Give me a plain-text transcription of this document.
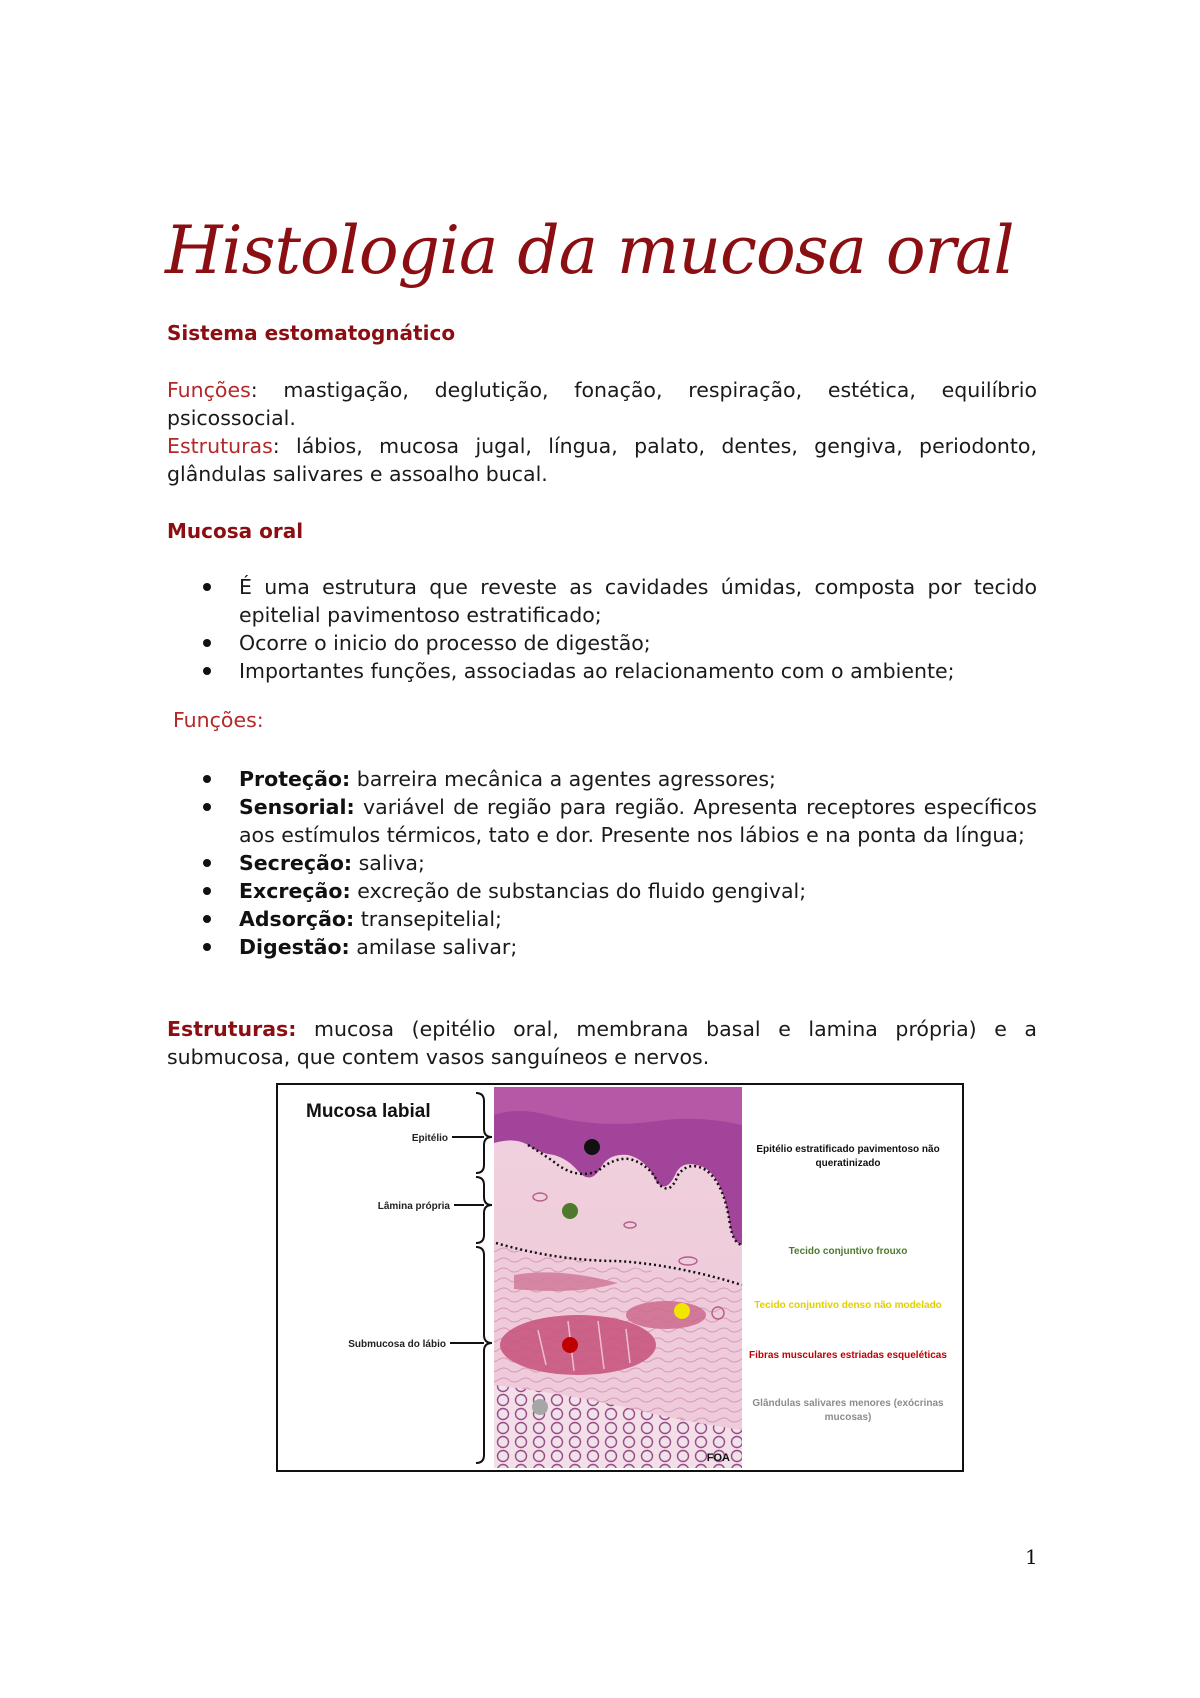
Histologia da mucosa oral
Sistema estomatognático

Funções: mastigação, deglutição, fonação, respiração, estética, equilíbrio psicossocial.

Estruturas: lábios, mucosa jugal, língua, palato, dentes, gengiva, periodonto, glândulas salivares e assoalho bucal.

Mucosa oral
É uma estrutura que reveste as cavidades úmidas, composta por tecido epitelial pavimentoso estratificado;
Ocorre o inicio do processo de digestão;
Importantes funções, associadas ao relacionamento com o ambiente;
Funções:
Proteção: barreira mecânica a agentes agressores;
Sensorial: variável de região para região. Apresenta receptores específicos aos estímulos térmicos, tato e dor. Presente nos lábios e na ponta da língua;
Secreção: saliva;
Excreção: excreção de substancias do fluido gengival;
Adsorção: transepitelial;
Digestão: amilase salivar;

Estruturas: mucosa (epitélio oral, membrana basal e lamina própria) e a submucosa, que contem vasos sanguíneos e nervos.

Mucosa labial
Epitélio
Lâmina própria
Submucosa do lábio
FOA
Epitélio estratificado pavimentoso não queratinizado
Tecido conjuntivo frouxo
Tecido conjuntivo denso não modelado
Fibras musculares estriadas esqueléticas
Glândulas salivares menores (exócrinas mucosas)
1
